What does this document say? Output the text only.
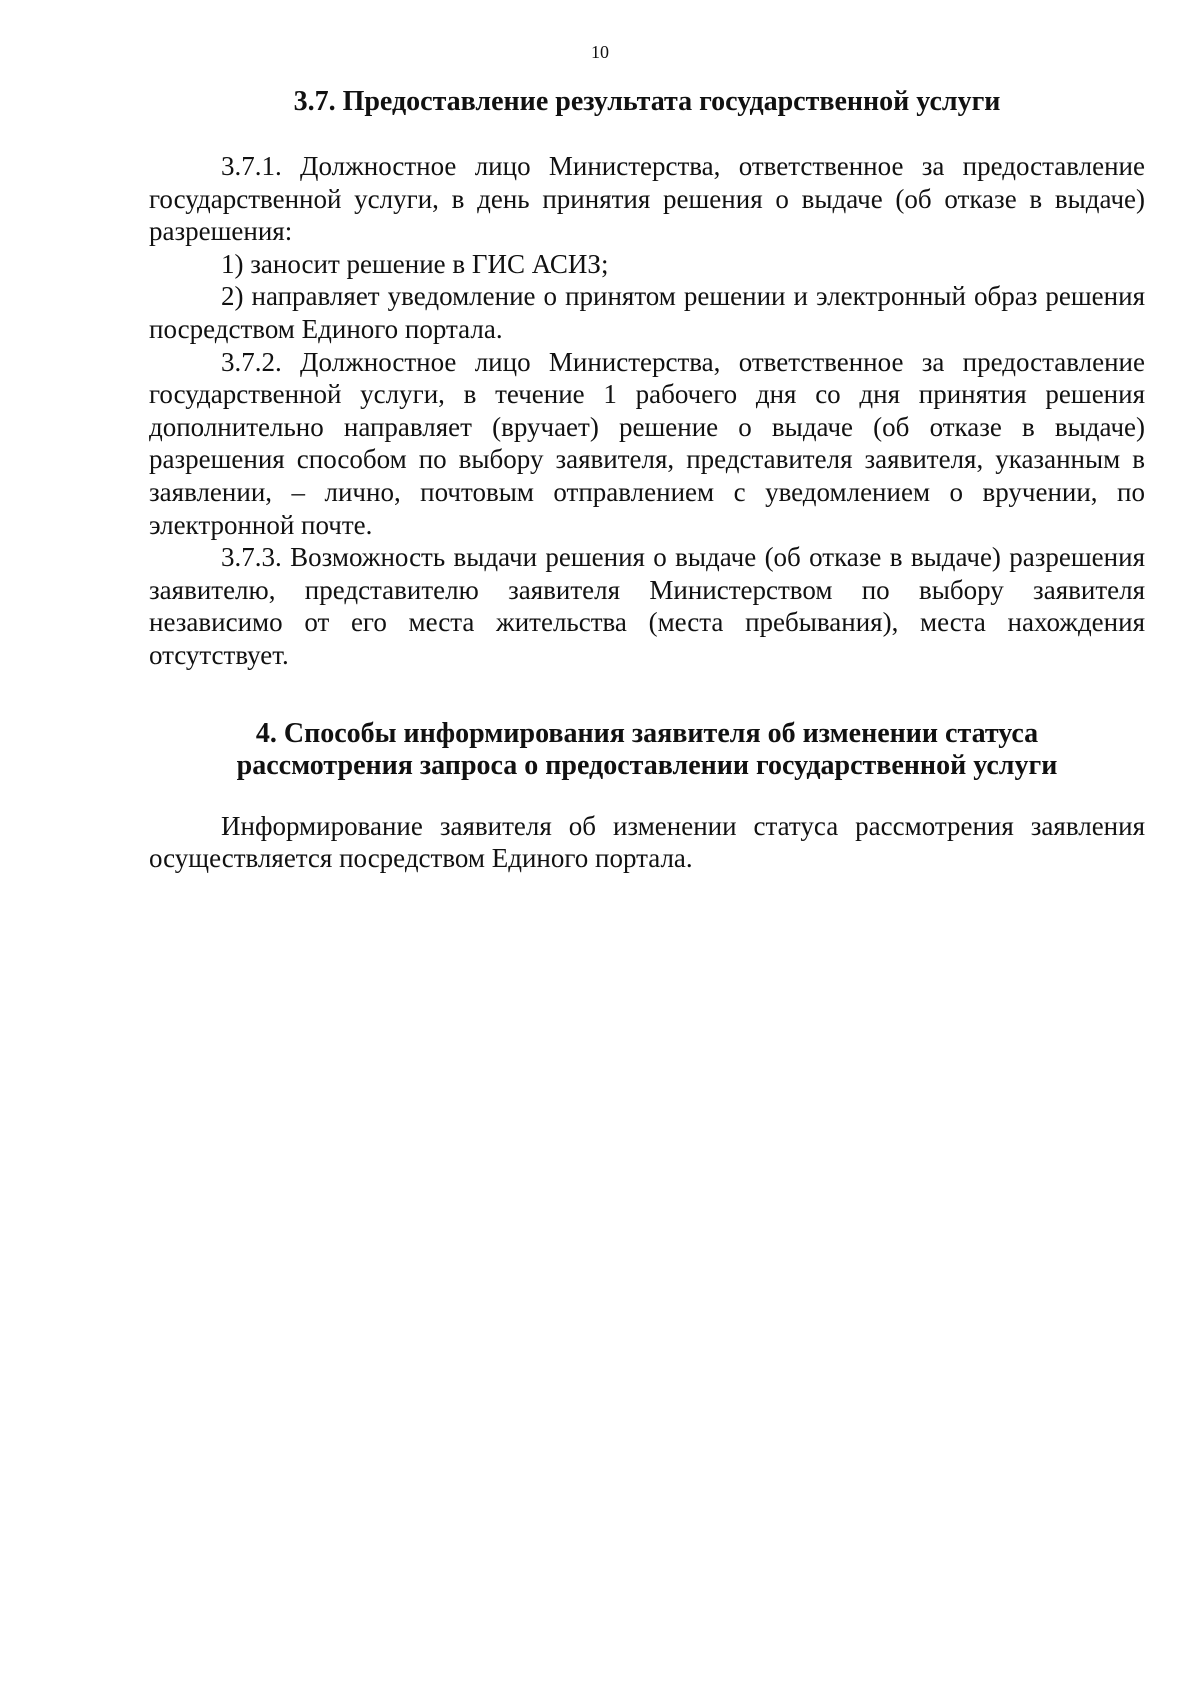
10
3.7. Предоставление результата государственной услуги

3.7.1. Должностное лицо Министерства, ответственное за предоставление государственной услуги, в день принятия решения о выдаче (об отказе в выдаче) разрешения:

1) заносит решение в ГИС АСИЗ;

2) направляет уведомление о принятом решении и электронный образ решения посредством Единого портала.

3.7.2. Должностное лицо Министерства, ответственное за предоставление государственной услуги, в течение 1 рабочего дня со дня принятия решения дополнительно направляет (вручает) решение о выдаче (об отказе в выдаче) разрешения способом по выбору заявителя, представителя заявителя, указанным в заявлении, – лично, почтовым отправлением с уведомлением о вручении, по электронной почте.

3.7.3. Возможность выдачи решения о выдаче (об отказе в выдаче) разрешения заявителю, представителю заявителя Министерством по выбору заявителя независимо от его места жительства (места пребывания), места нахождения отсутствует.

4. Способы информирования заявителя об изменении статуса
рассмотрения запроса о предоставлении государственной услуги

Информирование заявителя об изменении статуса рассмотрения заявления осуществляется посредством Единого портала.
